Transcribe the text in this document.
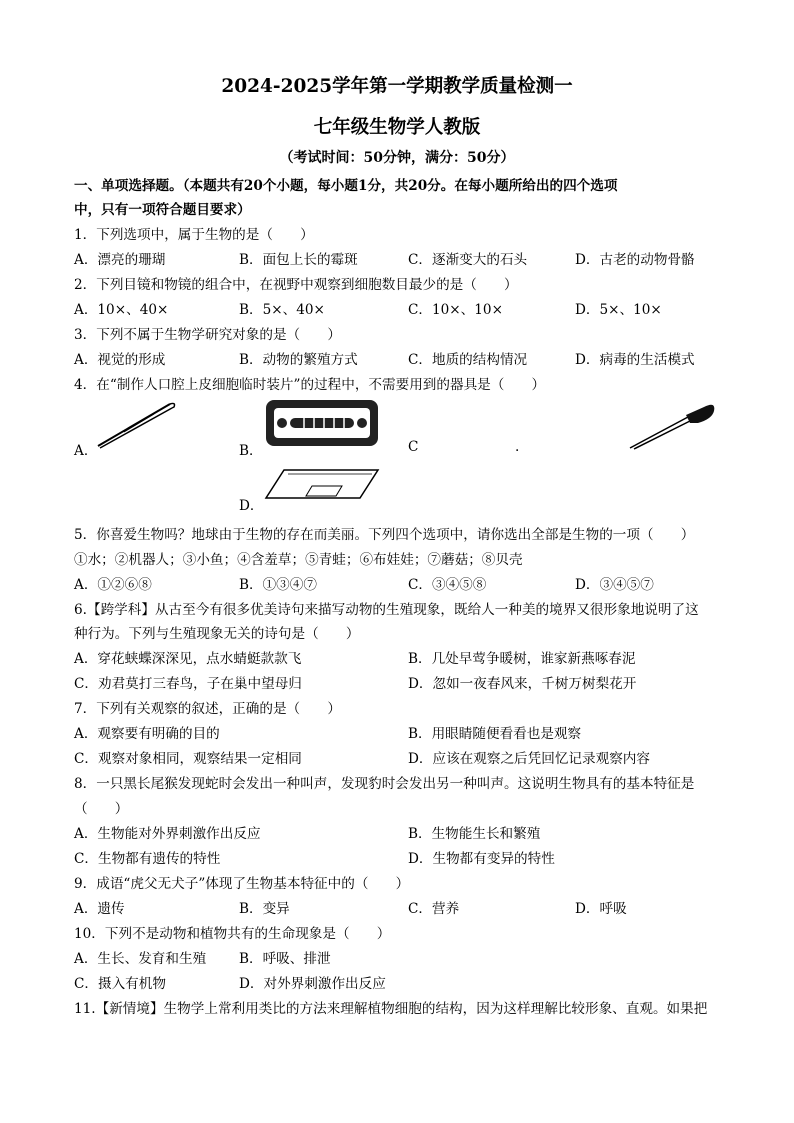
2024-2025学年第一学期教学质量检测一
七年级生物学人教版
（考试时间：50分钟，满分：50分）
一、单项选择题。（本题共有20个小题，每小题1分，共20分。在每小题所给出的四个选项
中，只有一项符合题目要求）
1．下列选项中，属于生物的是（　　）
A．漂亮的珊瑚	B．面包上长的霉斑	C．逐渐变大的石头	D．古老的动物骨骼
2．下列目镜和物镜的组合中，在视野中观察到细胞数目最少的是（　　）
A．10×、40×	B．5×、40×	C．10×、10×	D．5×、10×
3．下列不属于生物学研究对象的是（　　）
A．视觉的形成	B．动物的繁殖方式	C．地质的结构情况	D．病毒的生活模式
4．在“制作人口腔上皮细胞临时装片”的过程中，不需要用到的器具是（　　）
A．	B．	C	.
D．
5．你喜爱生物吗？地球由于生物的存在而美丽。下列四个选项中，请你选出全部是生物的一项（　　）
①水；②机器人；③小鱼；④含羞草；⑤青蛙；⑥布娃娃；⑦蘑菇；⑧贝壳
A．①②⑥⑧	B．①③④⑦	C．③④⑤⑧	D．③④⑤⑦
6.【跨学科】从古至今有很多优美诗句来描写动物的生殖现象，既给人一种美的境界又很形象地说明了这
种行为。下列与生殖现象无关的诗句是（　　）
A．穿花蛱蝶深深见，点水蜻蜓款款飞	B．几处早莺争暖树，谁家新燕啄春泥
C．劝君莫打三春鸟，子在巢中望母归	D．忽如一夜春风来，千树万树梨花开
7．下列有关观察的叙述，正确的是（　　）
A．观察要有明确的目的	B．用眼睛随便看看也是观察
C．观察对象相同，观察结果一定相同	D．应该在观察之后凭回忆记录观察内容
8．一只黑长尾猴发现蛇时会发出一种叫声，发现豹时会发出另一种叫声。这说明生物具有的基本特征是
（　　）
A．生物能对外界刺激作出反应	B．生物能生长和繁殖
C．生物都有遗传的特性	D．生物都有变异的特性
9．成语“虎父无犬子”体现了生物基本特征中的（　　）
A．遗传	B．变异	C．营养	D．呼吸
10．下列不是动物和植物共有的生命现象是（　　）
A．生长、发育和生殖 B．呼吸、排泄
C．摄入有机物	D．对外界刺激作出反应
11.【新情境】生物学上常利用类比的方法来理解植物细胞的结构，因为这样理解比较形象、直观。如果把
